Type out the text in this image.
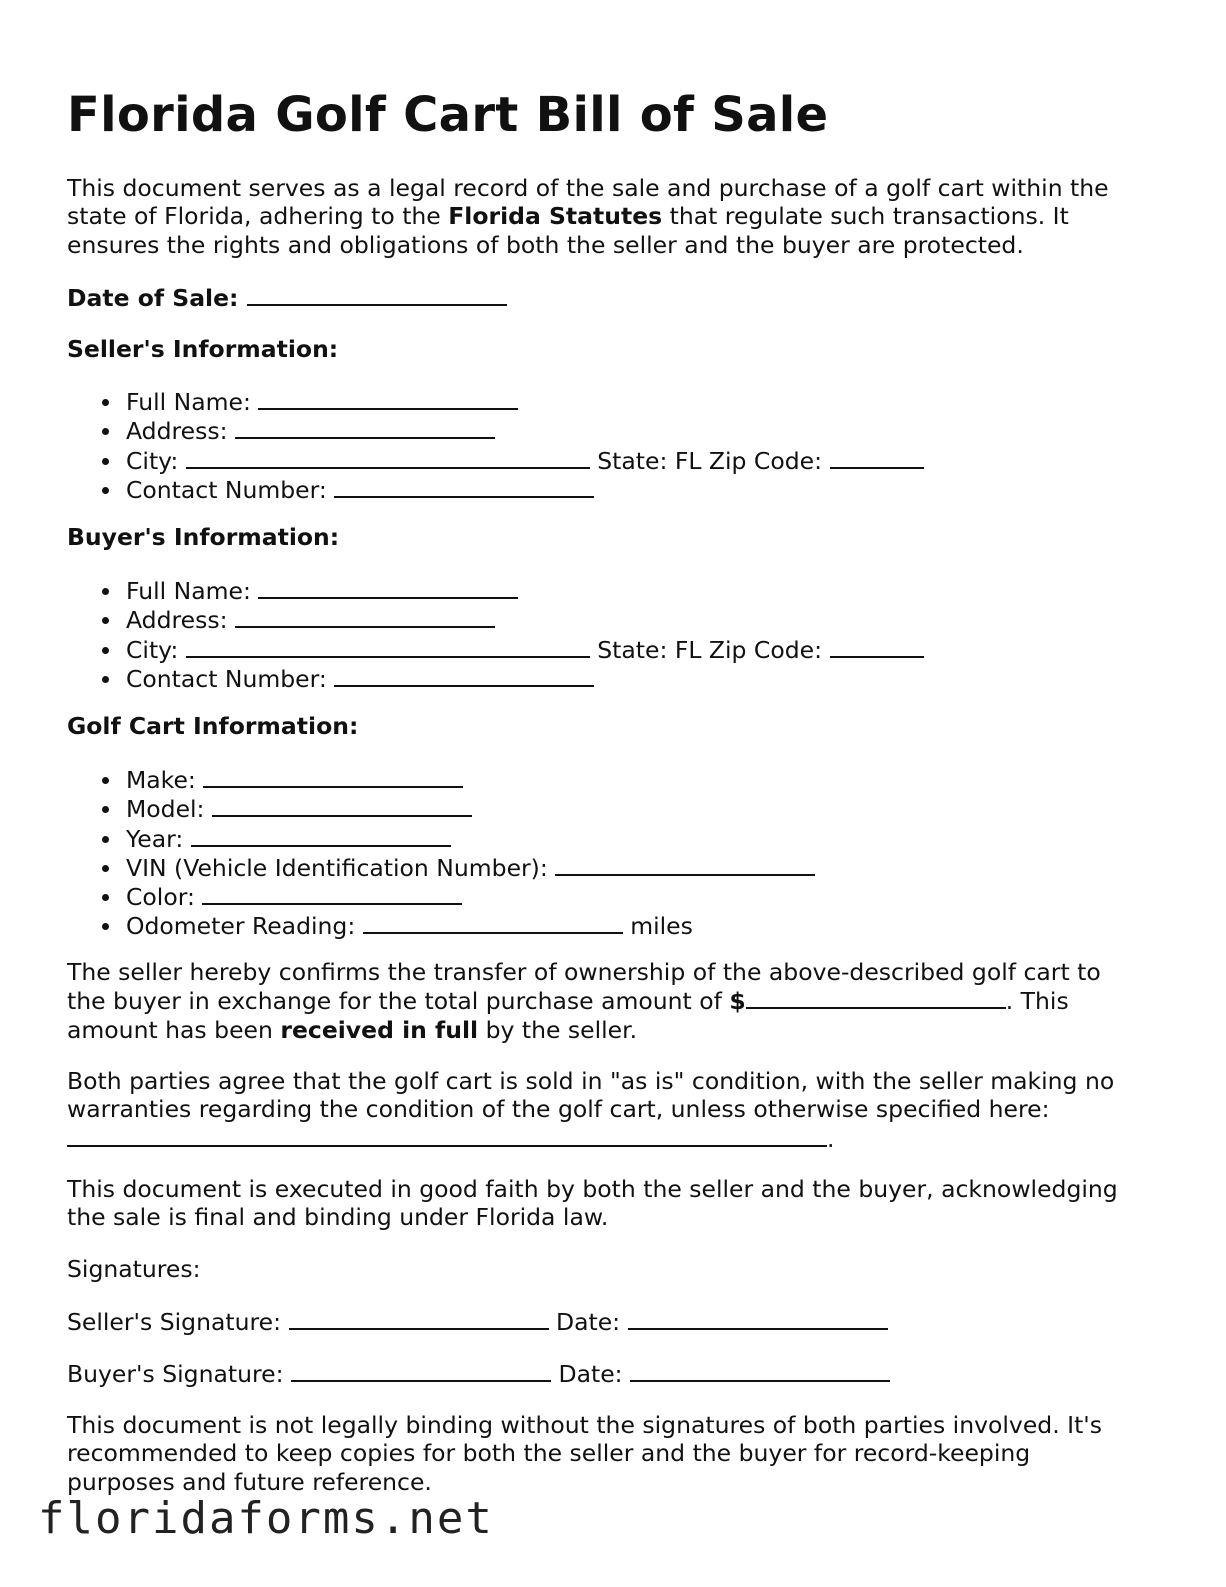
Florida Golf Cart Bill of Sale
This document serves as a legal record of the sale and purchase of a golf cart within the
state of Florida, adhering to the Florida Statutes that regulate such transactions. It
ensures the rights and obligations of both the seller and the buyer are protected.
Date of Sale:
Seller's Information:
Full Name:
Address:
City:	State: FL Zip Code:
Contact Number:
Buyer's Information:
Full Name:
Address:
City:	State: FL Zip Code:
Contact Number:
Golf Cart Information:
Make:
Model:
Year:
VIN (Vehicle Identification Number):
Color:
Odometer Reading:	miles
The seller hereby confirms the transfer of ownership of the above-described golf cart to
the buyer in exchange for the total purchase amount of $	. This
amount has been received in full by the seller.
Both parties agree that the golf cart is sold in "as is" condition, with the seller making no
warranties regarding the condition of the golf cart, unless otherwise specified here:
.
This document is executed in good faith by both the seller and the buyer, acknowledging
the sale is final and binding under Florida law.
Signatures:
Seller's Signature:	Date:
Buyer's Signature:	Date:
This document is not legally binding without the signatures of both parties involved. It's
recommended to keep copies for both the seller and the buyer for record-keeping
purposes and future reference.
floridaforms.net
